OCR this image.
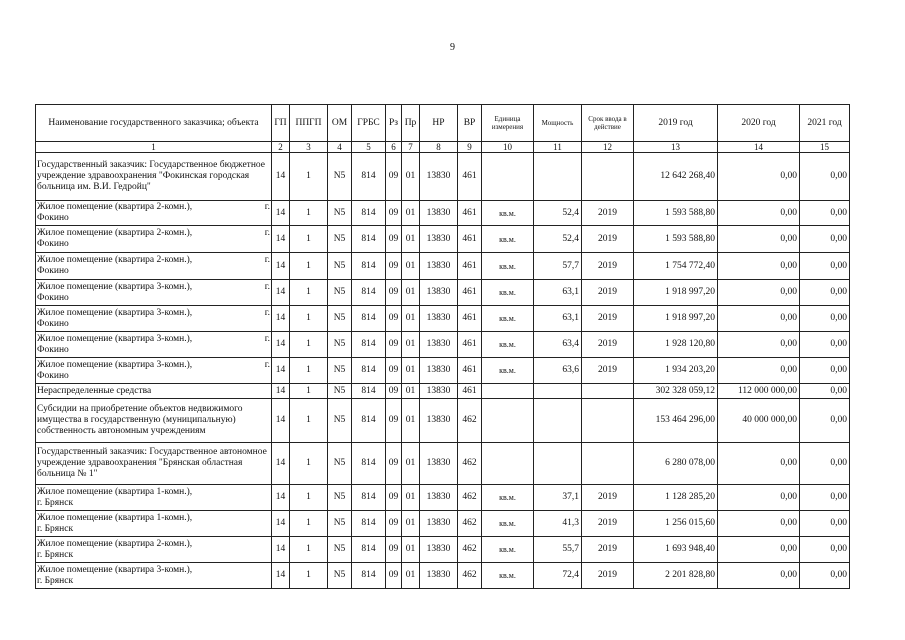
9
Наименование государственного заказчика; объекта	ГП	ППГП	ОМ	ГРБС	Рз	Пр	НР	ВР	Единица измерения	Мощность	Срок ввода в действие	2019 год	2020 год	2021 год
1	2	3	4	5	6	7	8	9	10	11	12	13	14	15
Государственный заказчик: Государственное бюджетное учреждение здравоохранения "Фокинская городская больница им. В.И. Гедройц"	14	1	N5	814	09	01	13830	461				12 642 268,40	0,00	0,00

Жилое помещение (квартира 2-комн.), г.
Фокино	14	1	N5	814	09	01	13830	461	кв.м.	52,4	2019	1 593 588,80	0,00	0,00

Жилое помещение (квартира 2-комн.), г.
Фокино	14	1	N5	814	09	01	13830	461	кв.м.	52,4	2019	1 593 588,80	0,00	0,00

Жилое помещение (квартира 2-комн.), г.
Фокино	14	1	N5	814	09	01	13830	461	кв.м.	57,7	2019	1 754 772,40	0,00	0,00

Жилое помещение (квартира 3-комн.), г.
Фокино	14	1	N5	814	09	01	13830	461	кв.м.	63,1	2019	1 918 997,20	0,00	0,00

Жилое помещение (квартира 3-комн.), г.
Фокино	14	1	N5	814	09	01	13830	461	кв.м.	63,1	2019	1 918 997,20	0,00	0,00

Жилое помещение (квартира 3-комн.), г.
Фокино	14	1	N5	814	09	01	13830	461	кв.м.	63,4	2019	1 928 120,80	0,00	0,00

Жилое помещение (квартира 3-комн.), г.
Фокино	14	1	N5	814	09	01	13830	461	кв.м.	63,6	2019	1 934 203,20	0,00	0,00
Нераспределенные средства	14	1	N5	814	09	01	13830	461				302 328 059,12	112 000 000,00	0,00
Субсидии на приобретение объектов недвижимого имущества в государственную (муниципальную) собственность автономным учреждениям	14	1	N5	814	09	01	13830	462				153 464 296,00	40 000 000,00	0,00
Государственный заказчик: Государственное автономное учреждение здравоохранения "Брянская областная больница № 1"	14	1	N5	814	09	01	13830	462				6 280 078,00	0,00	0,00

Жилое помещение (квартира 1-комн.),
г. Брянск	14	1	N5	814	09	01	13830	462	кв.м.	37,1	2019	1 128 285,20	0,00	0,00

Жилое помещение (квартира 1-комн.),
г. Брянск	14	1	N5	814	09	01	13830	462	кв.м.	41,3	2019	1 256 015,60	0,00	0,00

Жилое помещение (квартира 2-комн.),
г. Брянск	14	1	N5	814	09	01	13830	462	кв.м.	55,7	2019	1 693 948,40	0,00	0,00

Жилое помещение (квартира 3-комн.),
г. Брянск	14	1	N5	814	09	01	13830	462	кв.м.	72,4	2019	2 201 828,80	0,00	0,00
